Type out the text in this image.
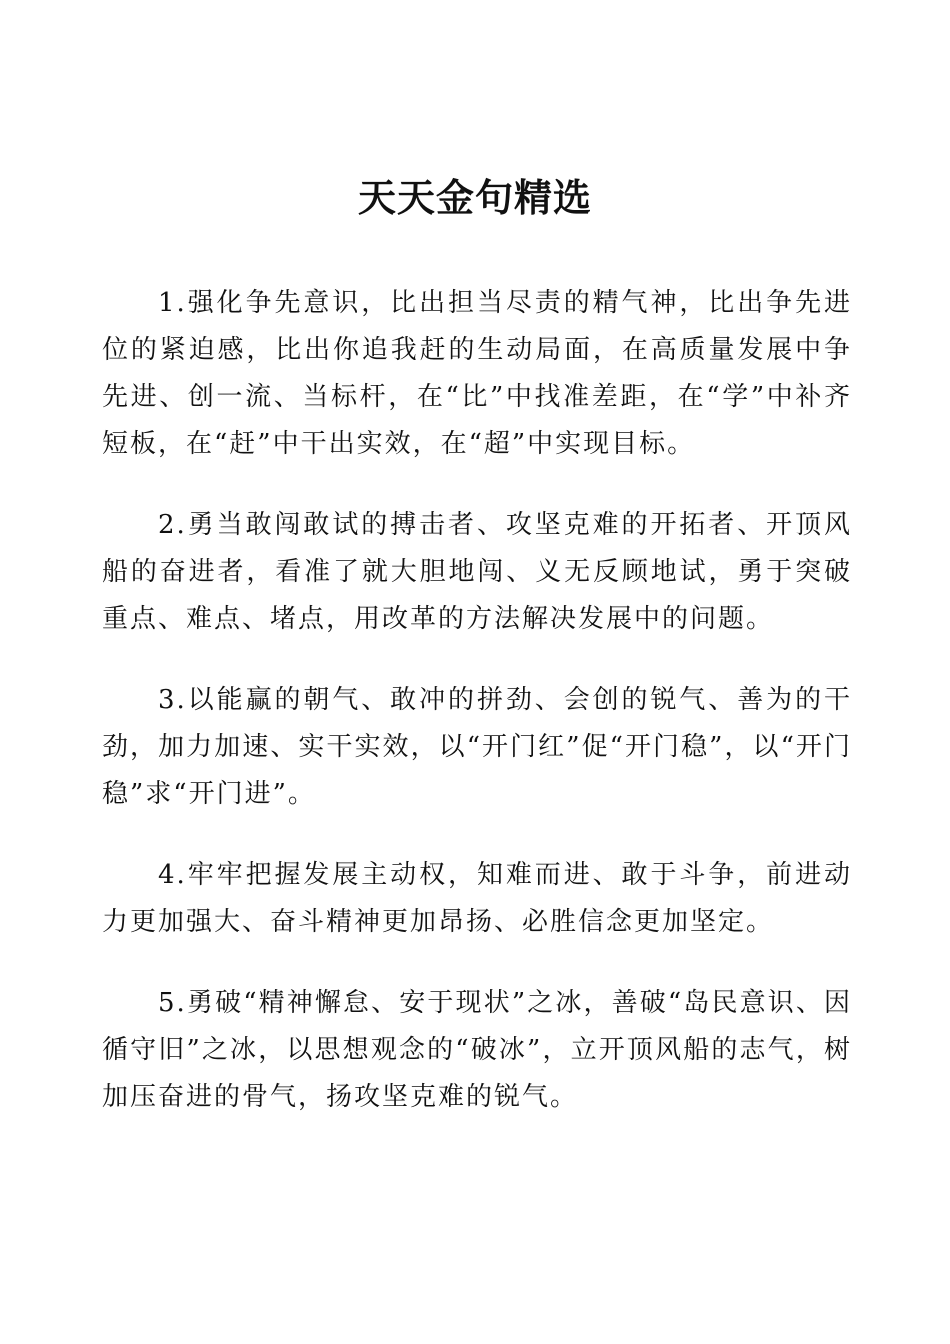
天天金句精选

1.强化争先意识，比出担当尽责的精气神，比出争先进位的紧迫感，比出你追我赶的生动局面，在高质量发展中争先进、创一流、当标杆，在“比”中找准差距，在“学”中补齐短板，在“赶”中干出实效，在“超”中实现目标。

2.勇当敢闯敢试的搏击者、攻坚克难的开拓者、开顶风船的奋进者，看准了就大胆地闯、义无反顾地试，勇于突破重点、难点、堵点，用改革的方法解决发展中的问题。

3.以能赢的朝气、敢冲的拼劲、会创的锐气、善为的干劲，加力加速、实干实效，以“开门红”促“开门稳”，以“开门稳”求“开门进”。

4.牢牢把握发展主动权，知难而进、敢于斗争，前进动力更加强大、奋斗精神更加昂扬、必胜信念更加坚定。

5.勇破“精神懈怠、安于现状”之冰，善破“岛民意识、因循守旧”之冰，以思想观念的“破冰”，立开顶风船的志气，树加压奋进的骨气，扬攻坚克难的锐气。
